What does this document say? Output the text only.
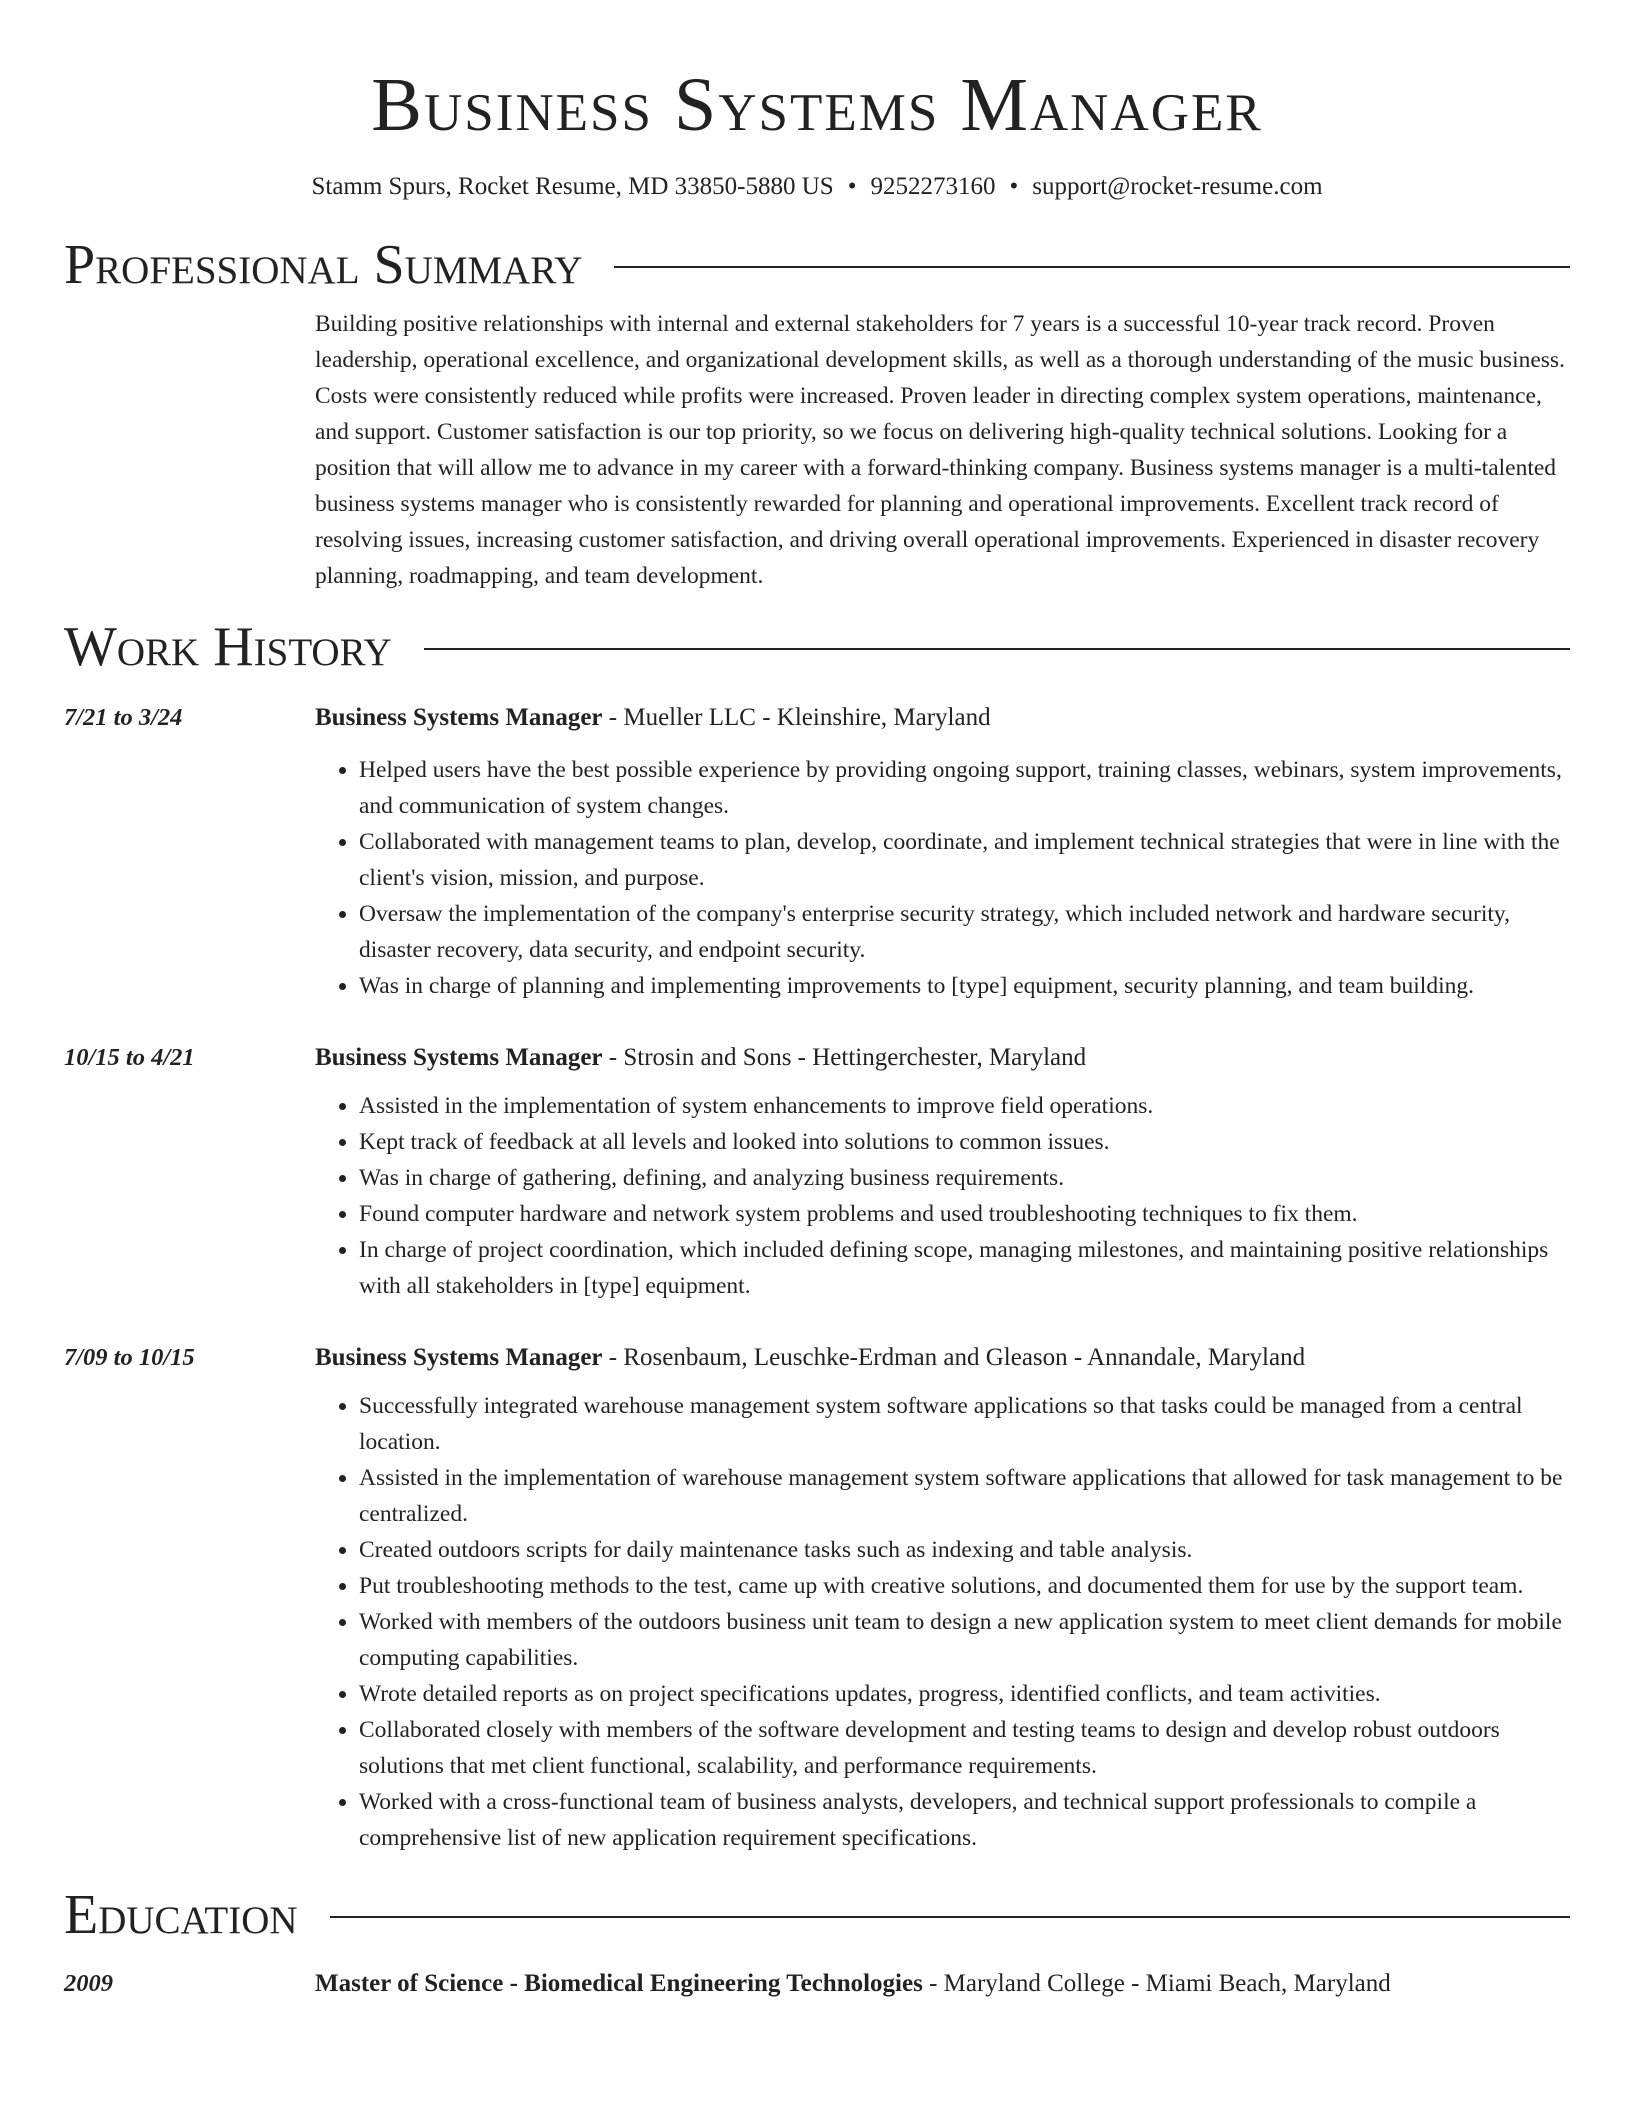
Business Systems Manager
Stamm Spurs, Rocket Resume, MD 33850-5880 US • 9252273160 • support@rocket-resume.com
Professional Summary
Building positive relationships with internal and external stakeholders for 7 years is a successful 10-year track record. Proven leadership, operational excellence, and organizational development skills, as well as a thorough understanding of the music business. Costs were consistently reduced while profits were increased. Proven leader in directing complex system operations, maintenance, and support. Customer satisfaction is our top priority, so we focus on delivering high-quality technical solutions. Looking for a position that will allow me to advance in my career with a forward-thinking company. Business systems manager is a multi-talented business systems manager who is consistently rewarded for planning and operational improvements. Excellent track record of resolving issues, increasing customer satisfaction, and driving overall operational improvements. Experienced in disaster recovery planning, roadmapping, and team development.
Work History
7/21 to 3/24	Business Systems Manager - Mueller LLC - Kleinshire, Maryland
• Helped users have the best possible experience by providing ongoing support, training classes, webinars, system improvements, and communication of system changes.
• Collaborated with management teams to plan, develop, coordinate, and implement technical strategies that were in line with the client's vision, mission, and purpose.
• Oversaw the implementation of the company's enterprise security strategy, which included network and hardware security, disaster recovery, data security, and endpoint security.
• Was in charge of planning and implementing improvements to [type] equipment, security planning, and team building.
10/15 to 4/21	Business Systems Manager - Strosin and Sons - Hettingerchester, Maryland
• Assisted in the implementation of system enhancements to improve field operations.
• Kept track of feedback at all levels and looked into solutions to common issues.
• Was in charge of gathering, defining, and analyzing business requirements.
• Found computer hardware and network system problems and used troubleshooting techniques to fix them.
• In charge of project coordination, which included defining scope, managing milestones, and maintaining positive relationships with all stakeholders in [type] equipment.
7/09 to 10/15	Business Systems Manager - Rosenbaum, Leuschke-Erdman and Gleason - Annandale, Maryland
• Successfully integrated warehouse management system software applications so that tasks could be managed from a central location.
• Assisted in the implementation of warehouse management system software applications that allowed for task management to be centralized.
• Created outdoors scripts for daily maintenance tasks such as indexing and table analysis.
• Put troubleshooting methods to the test, came up with creative solutions, and documented them for use by the support team.
• Worked with members of the outdoors business unit team to design a new application system to meet client demands for mobile computing capabilities.
• Wrote detailed reports as on project specifications updates, progress, identified conflicts, and team activities.
• Collaborated closely with members of the software development and testing teams to design and develop robust outdoors solutions that met client functional, scalability, and performance requirements.
• Worked with a cross-functional team of business analysts, developers, and technical support professionals to compile a comprehensive list of new application requirement specifications.
Education
2009	Master of Science - Biomedical Engineering Technologies - Maryland College - Miami Beach, Maryland
